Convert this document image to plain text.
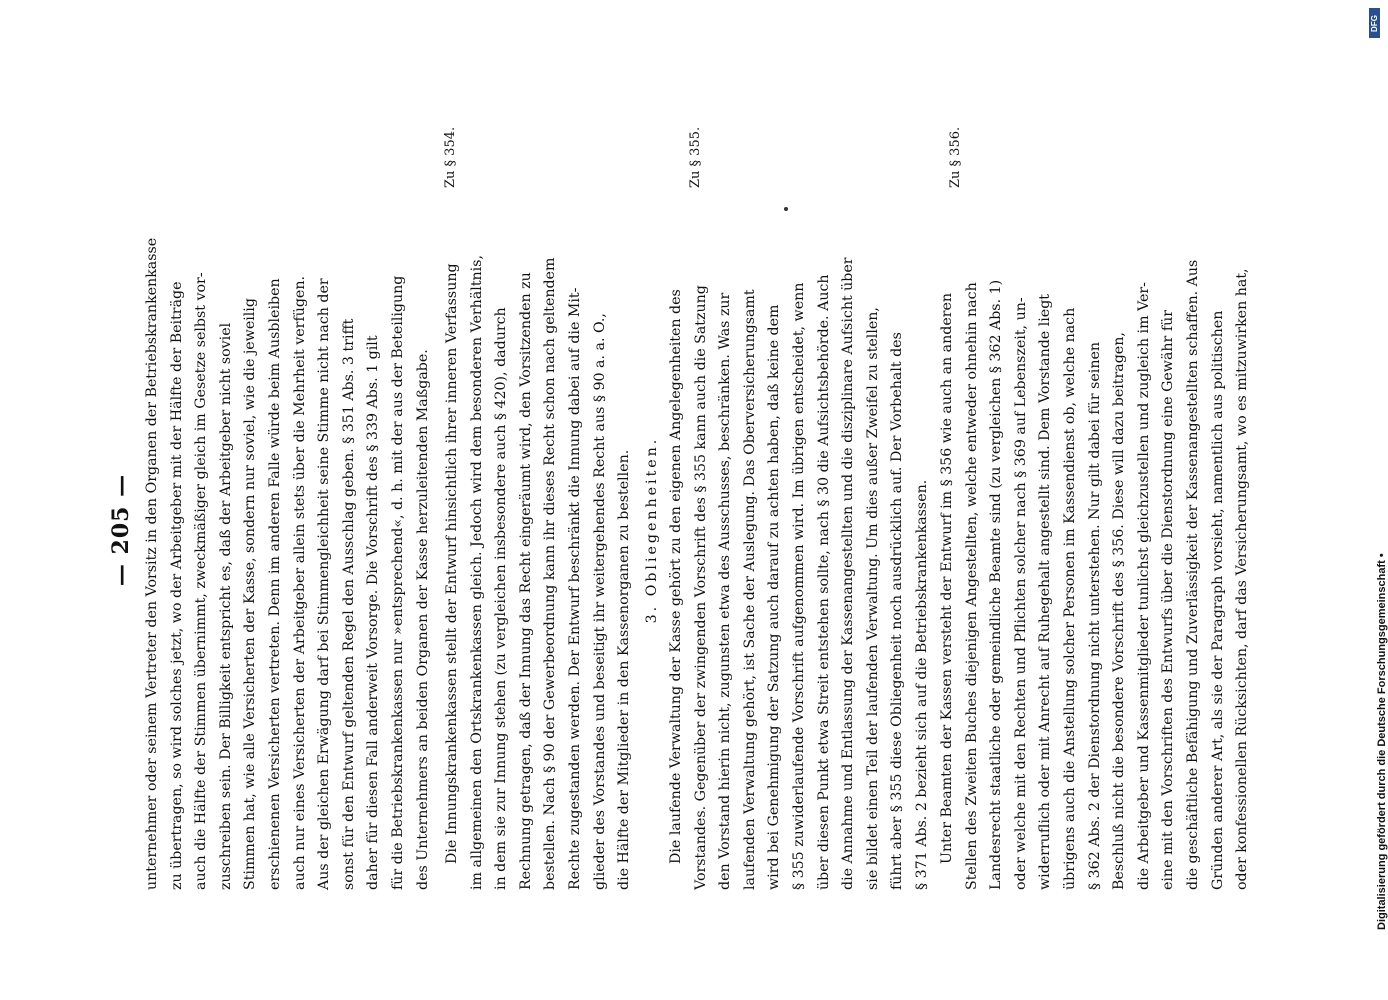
— 205 — unternehmer oder seinem Vertreter den Vorsitz in den Organen der Betriebskrankenkasse zu übertragen, so wird solches jetzt, wo der Arbeitgeber mit der Hälfte der Beiträge auch die Hälfte der Stimmen übernimmt, zweckmäßiger gleich im Gesetze selbst vor- zuschreiben sein. Der Billigkeit entspricht es, daß der Arbeitgeber nicht soviel Stimmen hat, wie alle Versicherten der Kasse, sondern nur soviel, wie die jeweilig erschienenen Versicherten vertreten. Denn im anderen Falle würde beim Ausbleiben auch nur eines Versicherten der Arbeitgeber allein stets über die Mehrheit verfügen. Aus der gleichen Erwägung darf bei Stimmengleichheit seine Stimme nicht nach der sonst für den Entwurf geltenden Regel den Ausschlag geben. § 351 Abs. 3 trifft daher für diesen Fall anderweit Vorsorge. Die Vorschrift des § 339 Abs. 1 gilt für die Betriebskrankenkassen nur »entsprechend«, d. h. mit der aus der Beteiligung des Unternehmers an beiden Organen der Kasse herzuleitenden Maßgabe. Die Innungskrankenkassen stellt der Entwurf hinsichtlich ihrer inneren Verfassung im allgemeinen den Ortskrankenkassen gleich. Jedoch wird dem besonderen Verhältnis, in dem sie zur Innung stehen (zu vergleichen insbesondere auch § 420), dadurch Rechnung getragen, daß der Innung das Recht eingeräumt wird, den Vorsitzenden zu bestellen. Nach § 90 der Gewerbeordnung kann ihr dieses Recht schon nach geltendem Rechte zugestanden werden. Der Entwurf beschränkt die Innung dabei auf die Mit- glieder des Vorstandes und beseitigt ihr weitergehendes Recht aus § 90 a. a. O., die Hälfte der Mitglieder in den Kassenorganen zu bestellen. 3. Obliegenheiten. Die laufende Verwaltung der Kasse gehört zu den eigenen Angelegenheiten des Vorstandes. Gegenüber der zwingenden Vorschrift des § 355 kann auch die Satzung den Vorstand hierin nicht, zugunsten etwa des Ausschusses, beschränken. Was zur laufenden Verwaltung gehört, ist Sache der Auslegung. Das Oberversicherungsamt wird bei Genehmigung der Satzung auch darauf zu achten haben, daß keine dem § 355 zuwiderlaufende Vorschrift aufgenommen wird. Im übrigen entscheidet, wenn über diesen Punkt etwa Streit entstehen sollte, nach § 30 die Aufsichtsbehörde. Auch die Annahme und Entlassung der Kassenangestellten und die disziplinare Aufsicht über sie bildet einen Teil der laufenden Verwaltung. Um dies außer Zweifel zu stellen, führt aber § 355 diese Obliegenheit noch ausdrücklich auf. Der Vorbehalt des § 371 Abs. 2 bezieht sich auf die Betriebskrankenkassen. Unter Beamten der Kassen versteht der Entwurf im § 356 wie auch an anderen Stellen des Zweiten Buches diejenigen Angestellten, welche entweder ohnehin nach Landesrecht staatliche oder gemeindliche Beamte sind (zu vergleichen § 362 Abs. 1) oder welche mit den Rechten und Pflichten solcher nach § 369 auf Lebenszeit, un- widerruflich oder mit Anrecht auf Ruhegehalt angestellt sind. Dem Vorstande liegt übrigens auch die Anstellung solcher Personen im Kassendienst ob, welche nach § 362 Abs. 2 der Dienstordnung nicht unterstehen. Nur gilt dabei für seinen Beschluß nicht die besondere Vorschrift des § 356. Diese will dazu beitragen, die Arbeitgeber und Kassenmitglieder tunlichst gleichzustellen und zugleich im Ver- eine mit den Vorschriften des Entwurfs über die Dienstordnung eine Gewähr für die geschäftliche Befähigung und Zuverlässigkeit der Kassenangestellten schaffen. Aus Gründen anderer Art, als sie der Paragraph vorsieht, namentlich aus politischen oder konfessionellen Rücksichten, darf das Versicherungsamt, wo es mitzuwirken hat,
Zu § 354.	Zu § 355.	Zu § 356.
DFG
Digitalisierung gefördert durch die Deutsche Forschungsgemeinschaft •
